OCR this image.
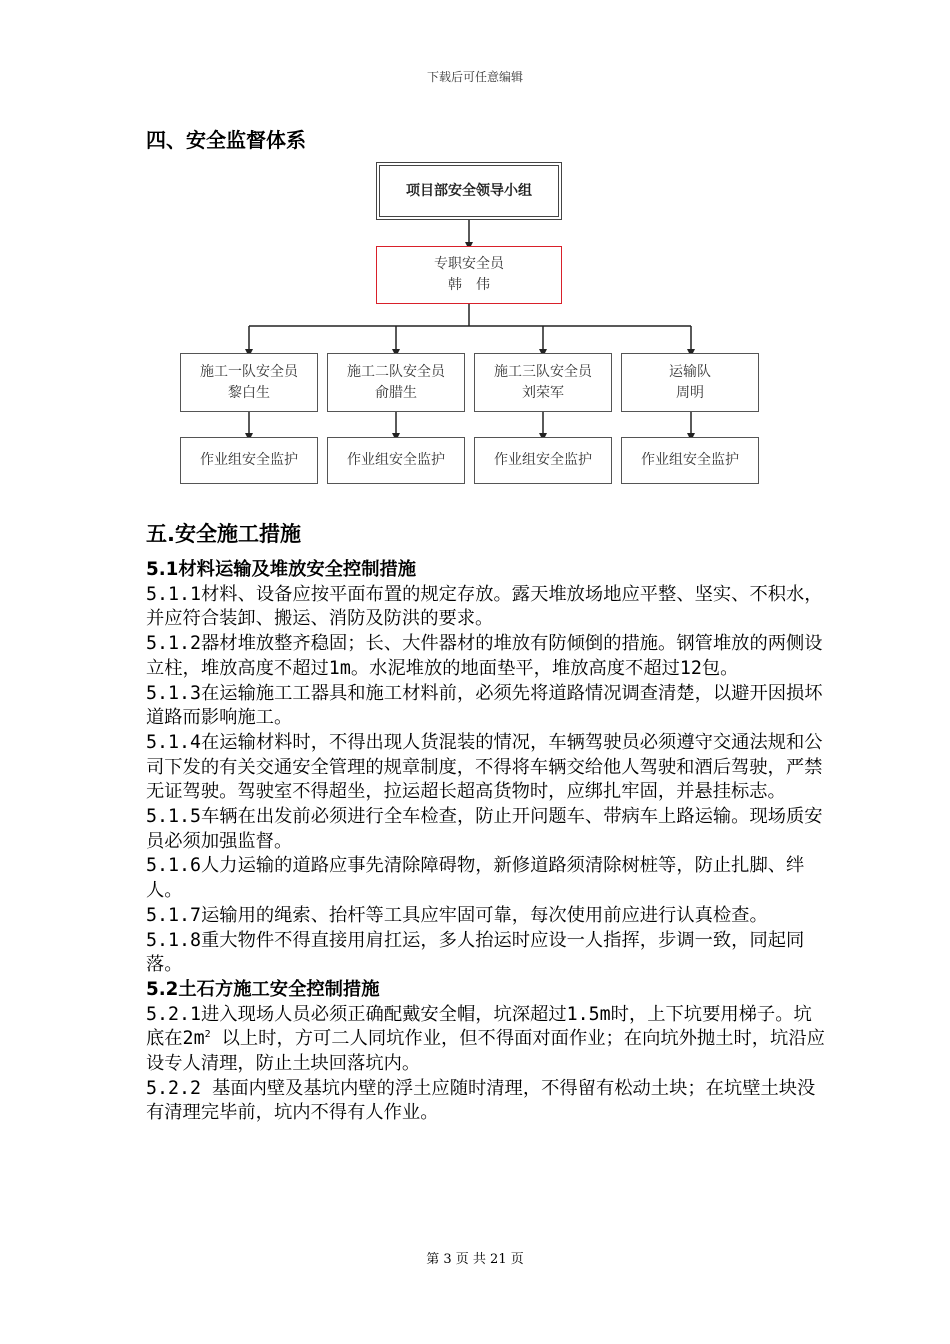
下载后可任意编辑
四、安全监督体系
项目部安全领导小组
专职安全员
韩　伟
施工一队安全员
黎白生
施工二队安全员
俞腊生
施工三队安全员
刘荣军
运输队
周明
作业组安全监护	作业组安全监护	作业组安全监护	作业组安全监护
五.安全施工措施

5.1材料运输及堆放安全控制措施

5.1.1材料、设备应按平面布置的规定存放。露天堆放场地应平整、坚实、不积水，并应符合装卸、搬运、消防及防洪的要求。

5.1.2器材堆放整齐稳固；长、大件器材的堆放有防倾倒的措施。钢管堆放的两侧设立柱，堆放高度不超过1m。水泥堆放的地面垫平，堆放高度不超过12包。

5.1.3在运输施工工器具和施工材料前，必须先将道路情况调查清楚，以避开因损坏道路而影响施工。

5.1.4在运输材料时，不得出现人货混装的情况，车辆驾驶员必须遵守交通法规和公司下发的有关交通安全管理的规章制度，不得将车辆交给他人驾驶和酒后驾驶，严禁无证驾驶。驾驶室不得超坐，拉运超长超高货物时，应绑扎牢固，并悬挂标志。

5.1.5车辆在出发前必须进行全车检查，防止开问题车、带病车上路运输。现场质安员必须加强监督。

5.1.6人力运输的道路应事先清除障碍物，新修道路须清除树桩等，防止扎脚、绊人。

5.1.7运输用的绳索、抬杆等工具应牢固可靠，每次使用前应进行认真检查。

5.1.8重大物件不得直接用肩扛运，多人抬运时应设一人指挥，步调一致，同起同落。

5.2土石方施工安全控制措施

5.2.1进入现场人员必须正确配戴安全帽，坑深超过1.5m时，上下坑要用梯子。坑底在$2m^2$ 以上时，方可二人同坑作业，但不得面对面作业；在向坑外抛土时，坑沿应设专人清理，防止土块回落坑内。

5.2.2 基面内壁及基坑内壁的浮土应随时清理，不得留有松动土块；在坑壁土块没有清理完毕前，坑内不得有人作业。

第 3 页 共 21 页
